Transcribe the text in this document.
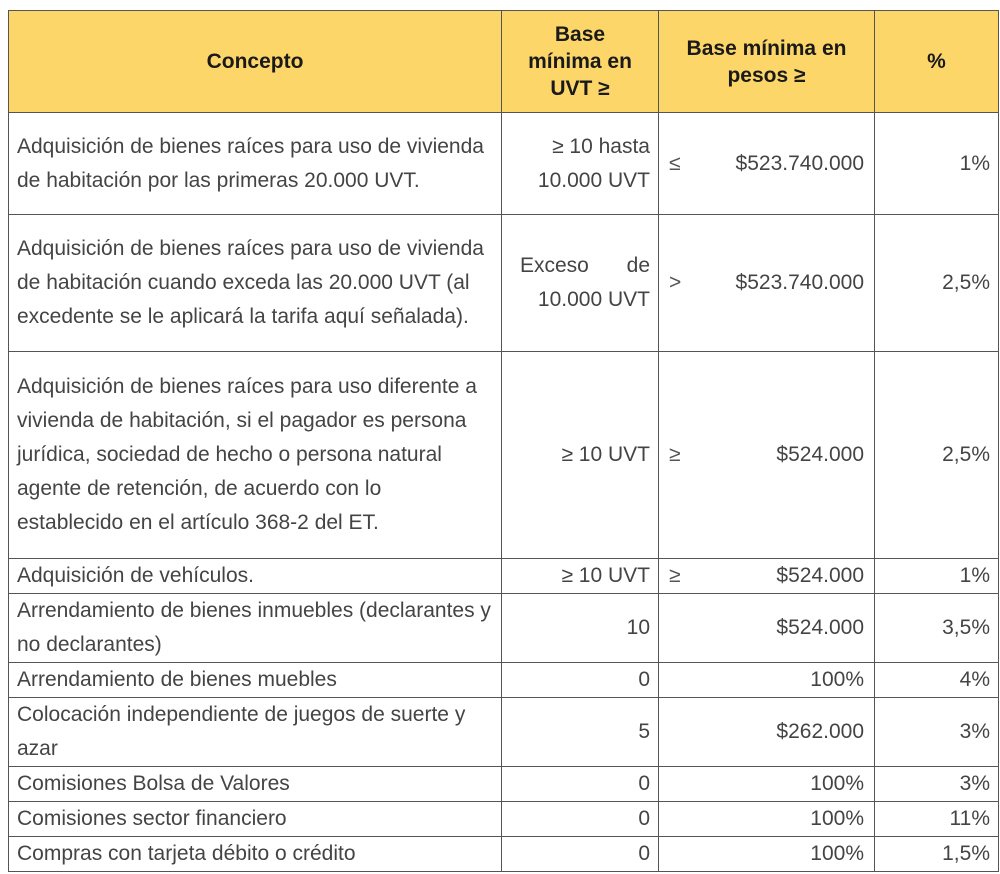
Concepto	Base mínima en UVT ≥	Base mínima en pesos ≥	%
Adquisición de bienes raíces para uso de vivienda de habitación por las primeras 20.000 UVT.	≥ 10 hasta 10.000 UVT	≤ $523.740.000	1%
Adquisición de bienes raíces para uso de vivienda de habitación cuando exceda las 20.000 UVT (al excedente se le aplicará la tarifa aquí señalada).	Exceso de 10.000 UVT	> $523.740.000	2,5%
Adquisición de bienes raíces para uso diferente a vivienda de habitación, si el pagador es persona jurídica, sociedad de hecho o persona natural agente de retención, de acuerdo con lo establecido en el artículo 368-2 del ET.	≥ 10 UVT	≥ $524.000	2,5%
Adquisición de vehículos.	≥ 10 UVT	≥ $524.000	1%
Arrendamiento de bienes inmuebles (declarantes y no declarantes)	10	$524.000	3,5%
Arrendamiento de bienes muebles	0	100%	4%
Colocación independiente de juegos de suerte y azar	5	$262.000	3%
Comisiones Bolsa de Valores	0	100%	3%
Comisiones sector financiero	0	100%	11%
Compras con tarjeta débito o crédito	0	100%	1,5%
